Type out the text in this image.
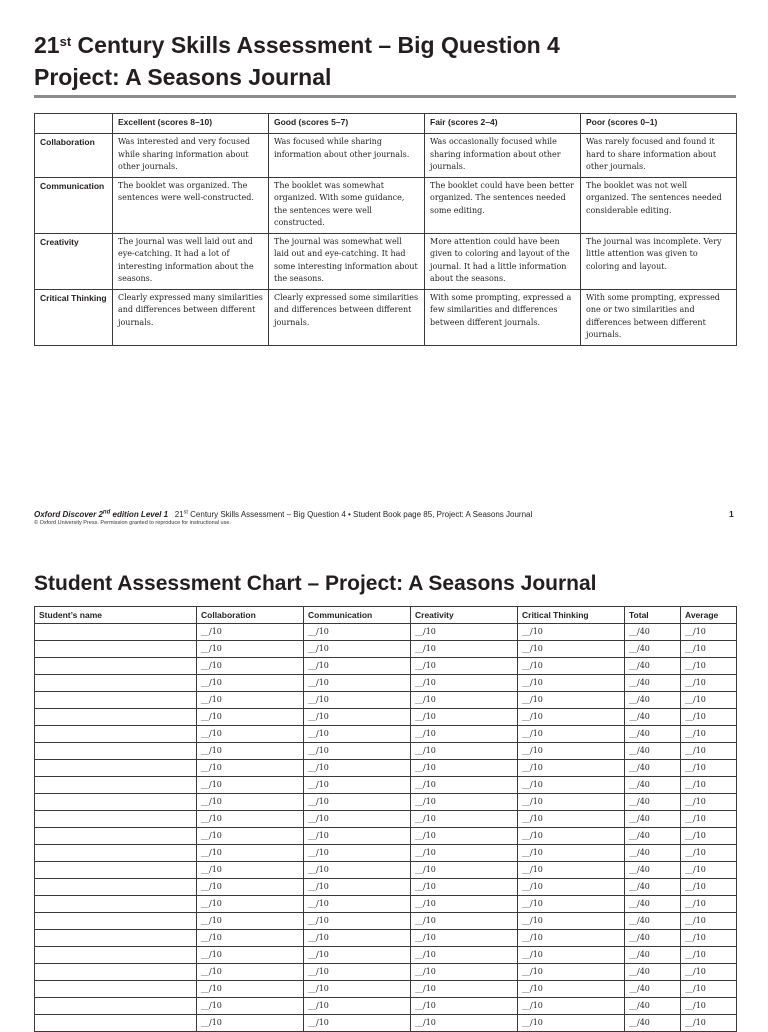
21st Century Skills Assessment – Big Question 4
Project: A Seasons Journal
	Excellent (scores 8–10)	Good (scores 5–7)	Fair (scores 2–4)	Poor (scores 0–1)
Collaboration	Was interested and very focused while sharing information about other journals.	Was focused while sharing information about other journals.	Was occasionally focused while sharing information about other journals.	Was rarely focused and found it hard to share information about other journals.
Communication	The booklet was organized. The sentences were well-constructed.	The booklet was somewhat organized. With some guidance, the sentences were well constructed.	The booklet could have been better organized. The sentences needed some editing.	The booklet was not well organized. The sentences needed considerable editing.
Creativity	The journal was well laid out and eye-catching. It had a lot of interesting information about the seasons.	The journal was somewhat well laid out and eye-catching. It had some interesting information about the seasons.	More attention could have been given to coloring and layout of the journal. It had a little information about the seasons.	The journal was incomplete. Very little attention was given to coloring and layout.
Critical Thinking	Clearly expressed many similarities and differences between different journals.	Clearly expressed some similarities and differences between different journals.	With some prompting, expressed a few similarities and differences between different journals.	With some prompting, expressed one or two similarities and differences between different journals.
Oxford Discover 2nd edition Level 1 21st Century Skills Assessment – Big Question 4 • Student Book page 85, Project: A Seasons Journal
© Oxford University Press. Permission granted to reproduce for instructional use.
1
Student Assessment Chart – Project: A Seasons Journal
Student’s name	Collaboration	Communication	Creativity	Critical Thinking	Total	Average
	__/10	__/10	__/10	__/10	__/40	__/10
	__/10	__/10	__/10	__/10	__/40	__/10
	__/10	__/10	__/10	__/10	__/40	__/10
	__/10	__/10	__/10	__/10	__/40	__/10
	__/10	__/10	__/10	__/10	__/40	__/10
	__/10	__/10	__/10	__/10	__/40	__/10
	__/10	__/10	__/10	__/10	__/40	__/10
	__/10	__/10	__/10	__/10	__/40	__/10
	__/10	__/10	__/10	__/10	__/40	__/10
	__/10	__/10	__/10	__/10	__/40	__/10
	__/10	__/10	__/10	__/10	__/40	__/10
	__/10	__/10	__/10	__/10	__/40	__/10
	__/10	__/10	__/10	__/10	__/40	__/10
	__/10	__/10	__/10	__/10	__/40	__/10
	__/10	__/10	__/10	__/10	__/40	__/10
	__/10	__/10	__/10	__/10	__/40	__/10
	__/10	__/10	__/10	__/10	__/40	__/10
	__/10	__/10	__/10	__/10	__/40	__/10
	__/10	__/10	__/10	__/10	__/40	__/10
	__/10	__/10	__/10	__/10	__/40	__/10
	__/10	__/10	__/10	__/10	__/40	__/10
	__/10	__/10	__/10	__/10	__/40	__/10
	__/10	__/10	__/10	__/10	__/40	__/10
	__/10	__/10	__/10	__/10	__/40	__/10
